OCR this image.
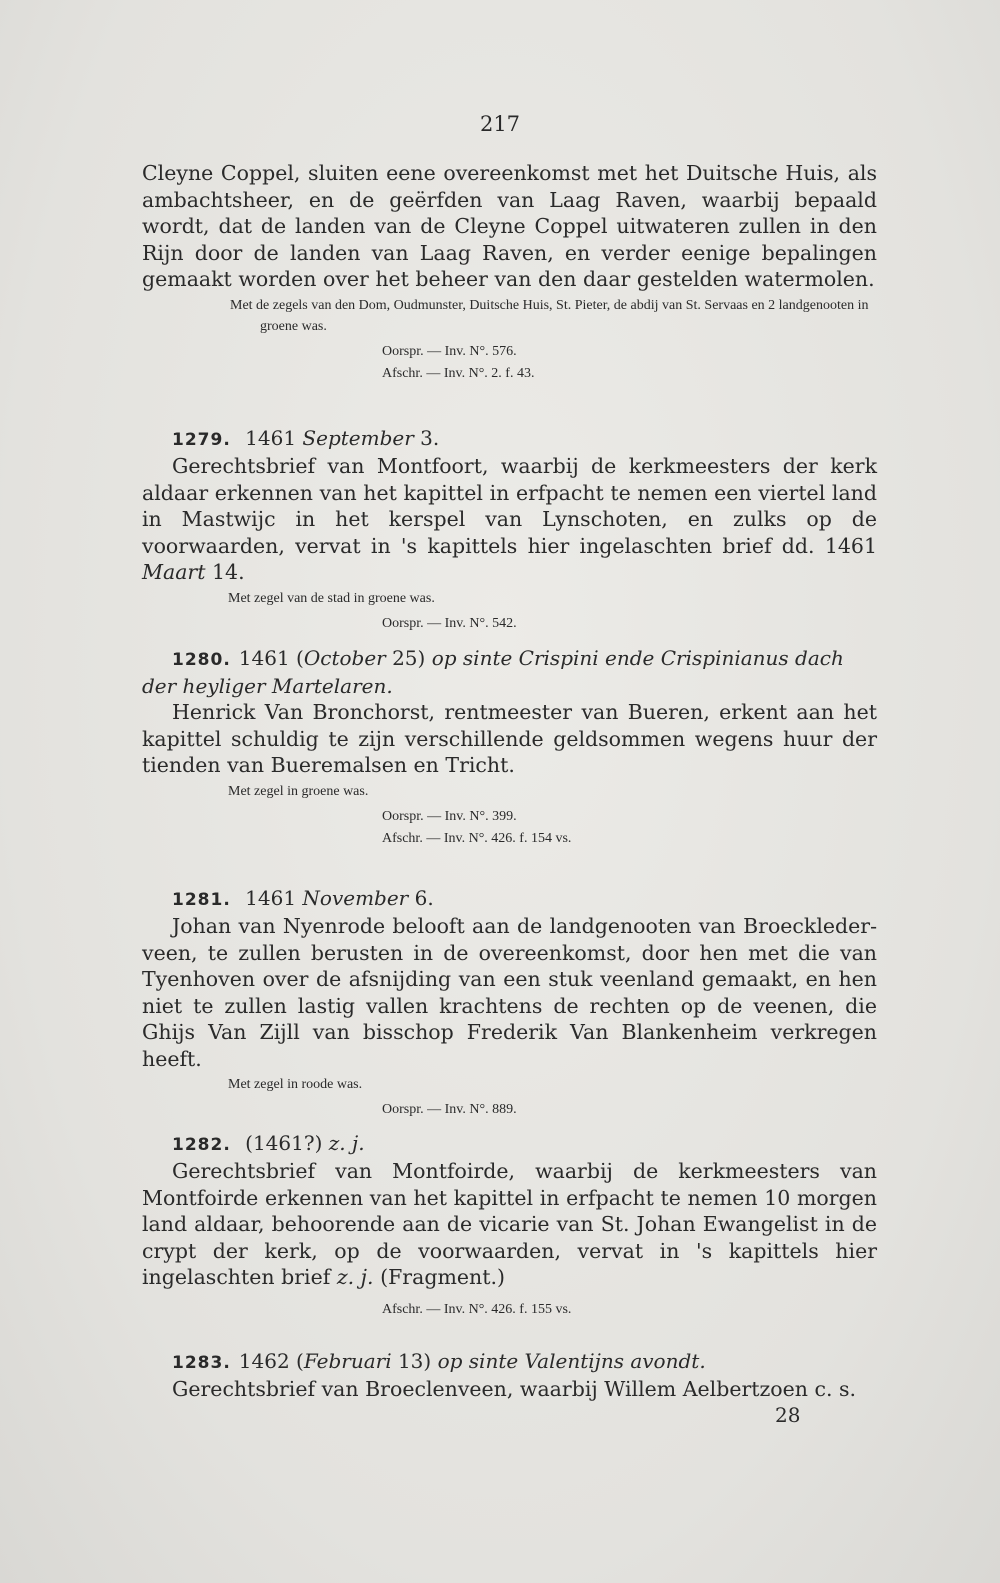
217

Cleyne Coppel, sluiten eene overeenkomst met het Duitsche Huis, als ambachtsheer, en de geërfden van Laag Raven, waarbij bepaald wordt, dat de landen van de Cleyne Coppel uitwateren zullen in den Rijn door de landen van Laag Raven, en verder eenige bepalingen gemaakt worden over het beheer van den daar gestelden watermolen.

Met de zegels van den Dom, Oudmunster, Duitsche Huis, St. Pieter, de abdij van St. Servaas en 2 landgenooten in groene was.

Oorspr. — Inv. N°. 576.
Afschr. — Inv. N°. 2. f. 43.

1279. 1461 September 3.

Gerechtsbrief van Montfoort, waarbij de kerkmeesters der kerk aldaar erkennen van het kapittel in erfpacht te nemen een viertel land in Mastwijc in het kerspel van Lynschoten, en zulks op de voorwaarden, vervat in 's kapittels hier ingelaschten brief dd. 1461 Maart 14.

Met zegel van de stad in groene was.

Oorspr. — Inv. N°. 542.

1280. 1461 (October 25) op sinte Crispini ende Crispinianus dach der heyliger Martelaren.

Henrick Van Bronchorst, rentmeester van Bueren, erkent aan het kapittel schuldig te zijn verschillende geldsommen wegens huur der tienden van Bueremalsen en Tricht.

Met zegel in groene was.

Oorspr. — Inv. N°. 399.
Afschr. — Inv. N°. 426. f. 154 vs.

1281. 1461 November 6.

Johan van Nyenrode belooft aan de landgenooten van Broecklederveen, te zullen berusten in de overeenkomst, door hen met die van Tyenhoven over de afsnijding van een stuk veenland gemaakt, en hen niet te zullen lastig vallen krachtens de rechten op de veenen, die Ghijs Van Zijll van bisschop Frederik Van Blankenheim verkregen heeft.

Met zegel in roode was.

Oorspr. — Inv. N°. 889.

1282. (1461?) z. j.

Gerechtsbrief van Montfoirde, waarbij de kerkmeesters van Montfoirde erkennen van het kapittel in erfpacht te nemen 10 morgen land aldaar, behoorende aan de vicarie van St. Johan Ewangelist in de crypt der kerk, op de voorwaarden, vervat in 's kapittels hier ingelaschten brief z. j. (Fragment.)

Afschr. — Inv. N°. 426. f. 155 vs.

1283. 1462 (Februari 13) op sinte Valentijns avondt.

Gerechtsbrief van Broeclenveen, waarbij Willem Aelbertzoen c. s.

28
